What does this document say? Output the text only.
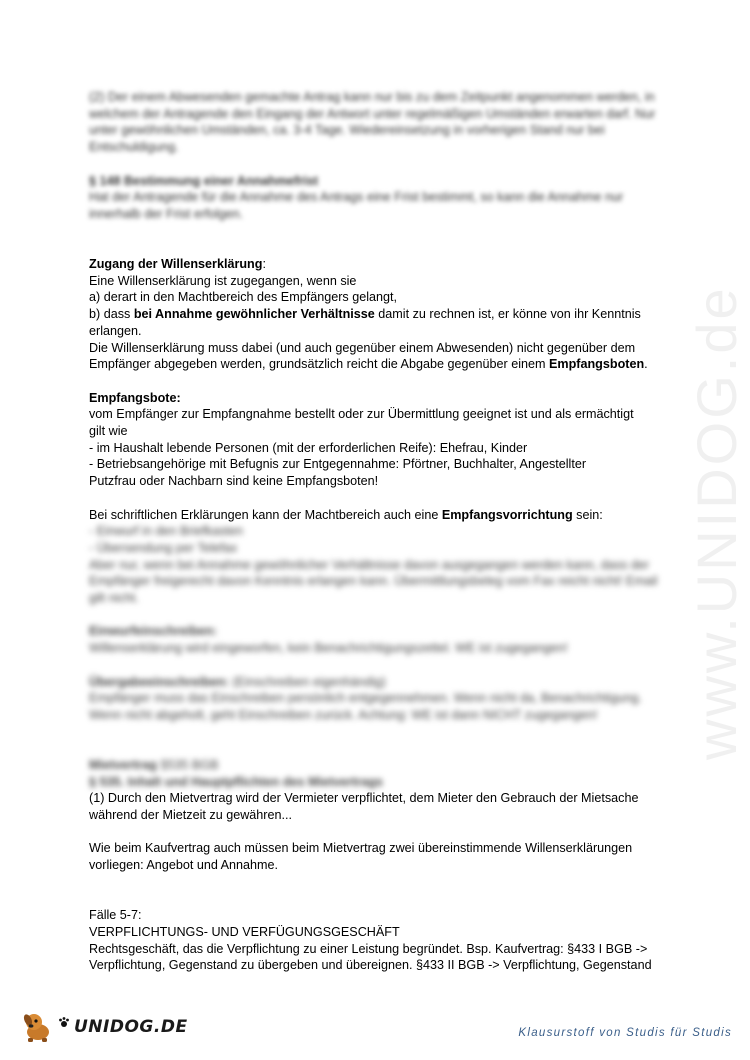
www.UNIDOG.de

(2) Der einem Abwesenden gemachte Antrag kann nur bis zu dem Zeitpunkt angenommen werden, in welchem der Antragende den Eingang der Antwort unter regelmäßigen Umständen erwarten darf. Nur unter gewöhnlichen Umständen, ca. 3-4 Tage. Wiedereinsetzung in vorherigen Stand nur bei Entschuldigung.

§ 148 Bestimmung einer Annahmefrist

Hat der Antragende für die Annahme des Antrags eine Frist bestimmt, so kann die Annahme nur innerhalb der Frist erfolgen.

Zugang der Willenserklärung:

Eine Willenserklärung ist zugegangen, wenn sie

a) derart in den Machtbereich des Empfängers gelangt,

b) dass bei Annahme gewöhnlicher Verhältnisse damit zu rechnen ist, er könne von ihr Kenntnis

erlangen.

Die Willenserklärung muss dabei (und auch gegenüber einem Abwesenden) nicht gegenüber dem

Empfänger abgegeben werden, grundsätzlich reicht die Abgabe gegenüber einem Empfangsboten.

Empfangsbote:

vom Empfänger zur Empfangnahme bestellt oder zur Übermittlung geeignet ist und als ermächtigt

gilt wie

- im Haushalt lebende Personen (mit der erforderlichen Reife): Ehefrau, Kinder

- Betriebsangehörige mit Befugnis zur Entgegennahme: Pförtner, Buchhalter, Angestellter

Putzfrau oder Nachbarn sind keine Empfangsboten!

Bei schriftlichen Erklärungen kann der Machtbereich auch eine Empfangsvorrichtung sein:

- Einwurf in den Briefkasten

- Übersendung per Telefax

Aber nur, wenn bei Annahme gewöhnlicher Verhältnisse davon ausgegangen werden kann, dass der Empfänger freigerecht davon Kenntnis erlangen kann. Übermittlungsbeleg vom Fax reicht nicht! Email gilt nicht.

Einwurfeinschreiben:

Willenserklärung wird eingeworfen, kein Benachrichtigungszettel. WE ist zugegangen!

Übergabeeinschreiben: (Einschreiben eigenhändig)

Empfänger muss das Einschreiben persönlich entgegennehmen. Wenn nicht da, Benachrichtigung. Wenn nicht abgeholt, geht Einschreiben zurück. Achtung: WE ist dann NICHT zugegangen!

Mietvertrag §535 BGB

§ 535. Inhalt und Hauptpflichten des Mietvertrags

(1) Durch den Mietvertrag wird der Vermieter verpflichtet, dem Mieter den Gebrauch der Mietsache

während der Mietzeit zu gewähren...

Wie beim Kaufvertrag auch müssen beim Mietvertrag zwei übereinstimmende Willenserklärungen

vorliegen: Angebot und Annahme.

Fälle 5-7:

VERPFLICHTUNGS- UND VERFÜGUNGSGESCHÄFT

Rechtsgeschäft, das die Verpflichtung zu einer Leistung begründet. Bsp. Kaufvertrag: §433 I BGB ->

Verpflichtung, Gegenstand zu übergeben und übereignen. §433 II BGB -> Verpflichtung, Gegenstand

UNIDOG.DE	Klausurstoff von Studis für Studis
